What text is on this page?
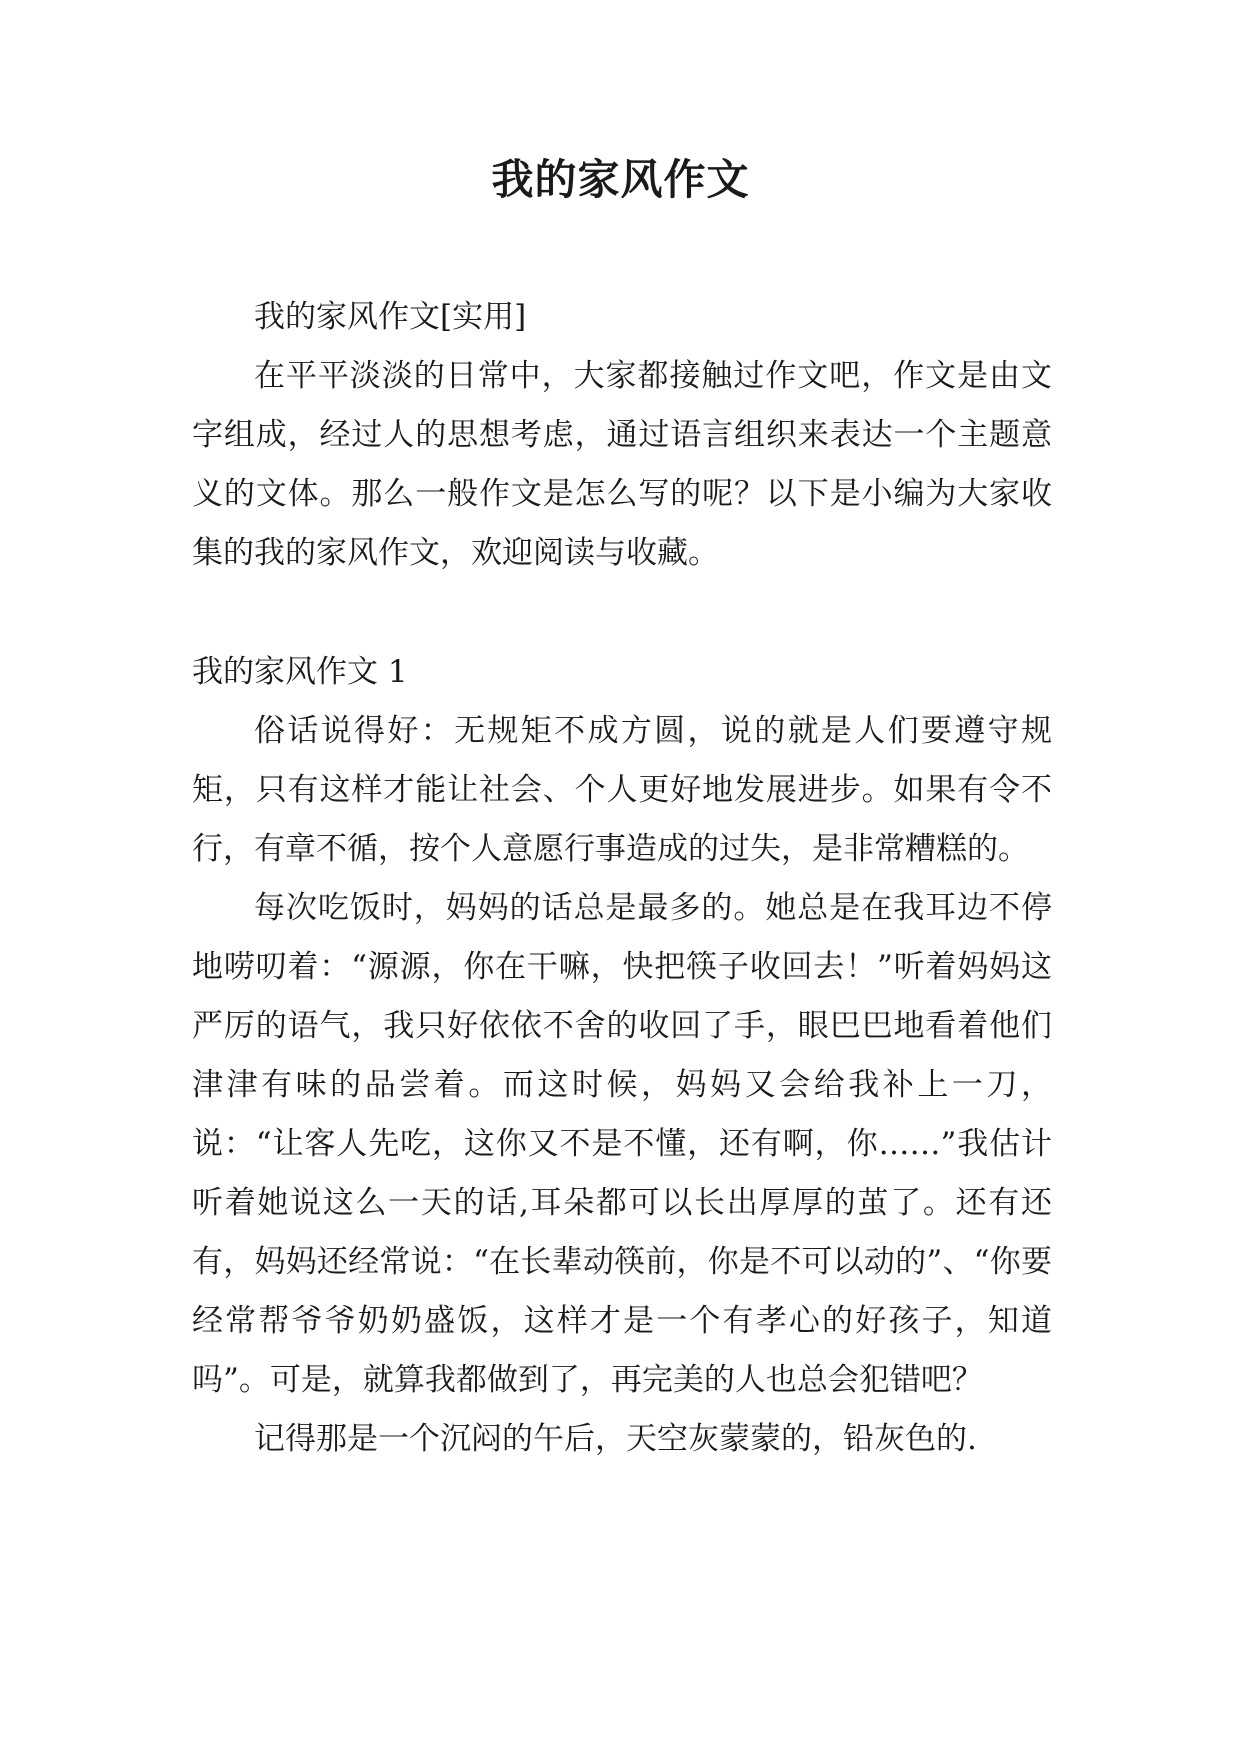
我的家风作文

我的家风作文[实用]

在平平淡淡的日常中，大家都接触过作文吧，作文是由文字组成，经过人的思想考虑，通过语言组织来表达一个主题意义的文体。那么一般作文是怎么写的呢？以下是小编为大家收集的我的家风作文，欢迎阅读与收藏。

我的家风作文 1

俗话说得好：无规矩不成方圆，说的就是人们要遵守规矩，只有这样才能让社会、个人更好地发展进步。如果有令不行，有章不循，按个人意愿行事造成的过失，是非常糟糕的。

每次吃饭时，妈妈的话总是最多的。她总是在我耳边不停地唠叨着：“源源，你在干嘛，快把筷子收回去！”听着妈妈这严厉的语气，我只好依依不舍的收回了手，眼巴巴地看着他们津津有味的品尝着。而这时候，妈妈又会给我补上一刀，说：“让客人先吃，这你又不是不懂，还有啊，你……”我估计听着她说这么一天的话,耳朵都可以长出厚厚的茧了。还有还有，妈妈还经常说：“在长辈动筷前，你是不可以动的”、“你要经常帮爷爷奶奶盛饭，这样才是一个有孝心的好孩子，知道吗”。可是，就算我都做到了，再完美的人也总会犯错吧？

记得那是一个沉闷的午后，天空灰蒙蒙的，铅灰色的.
